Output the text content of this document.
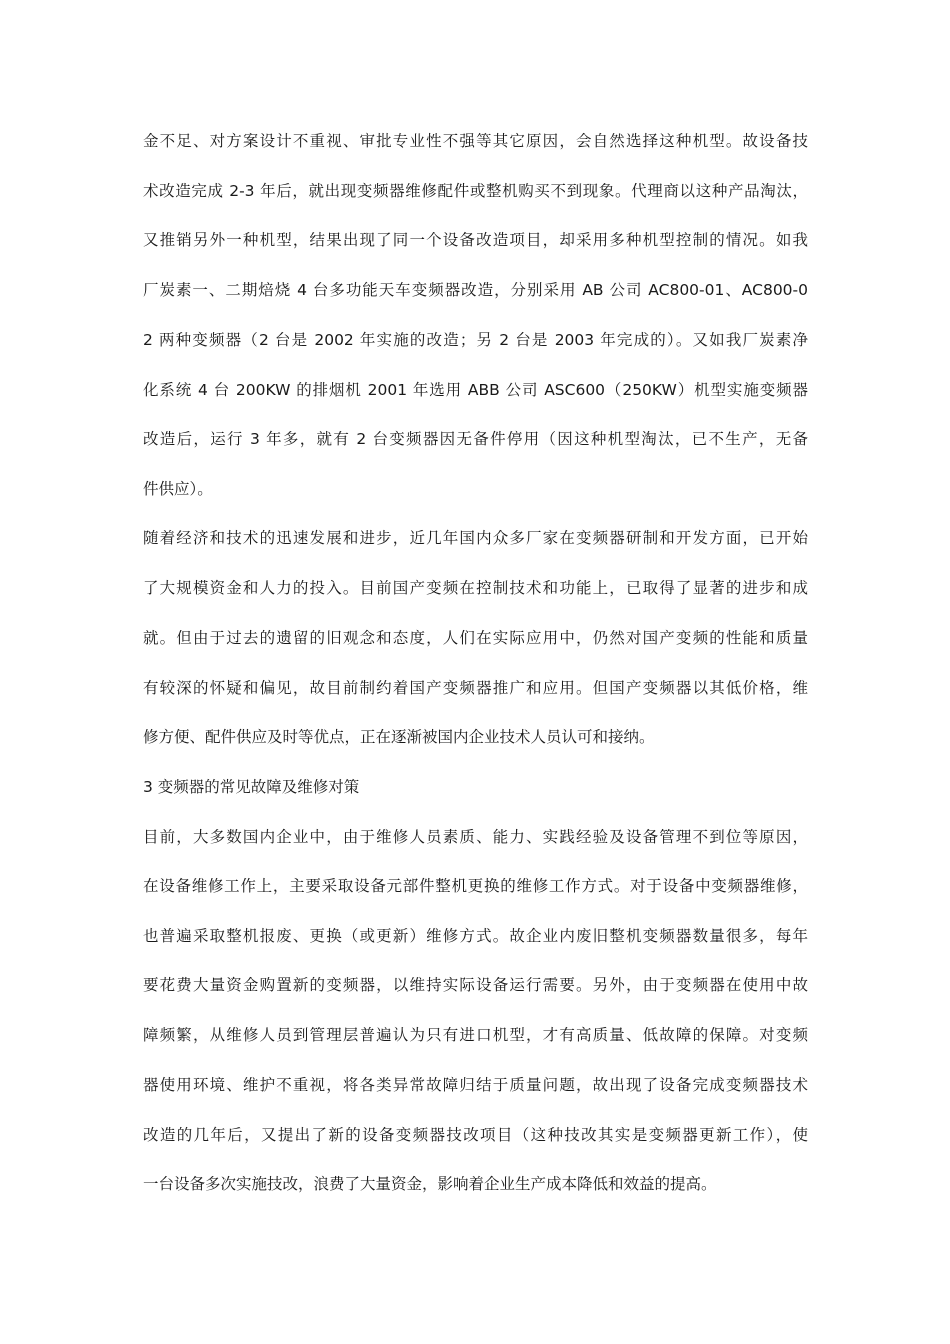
金不足、对方案设计不重视、审批专业性不强等其它原因，会自然选择这种机型。故设备技
术改造完成 2-3 年后，就出现变频器维修配件或整机购买不到现象。代理商以这种产品淘汰，
又推销另外一种机型，结果出现了同一个设备改造项目，却采用多种机型控制的情况。如我
厂炭素一、二期焙烧 4 台多功能天车变频器改造，分别采用 AB 公司 AC800-01、AC800-0
2 两种变频器（2 台是 2002 年实施的改造；另 2 台是 2003 年完成的）。又如我厂炭素净
化系统 4 台 200KW 的排烟机 2001 年选用 ABB 公司 ASC600（250KW）机型实施变频器
改造后，运行 3 年多，就有 2 台变频器因无备件停用（因这种机型淘汰，已不生产，无备
件供应）。
随着经济和技术的迅速发展和进步，近几年国内众多厂家在变频器研制和开发方面，已开始
了大规模资金和人力的投入。目前国产变频在控制技术和功能上，已取得了显著的进步和成
就。但由于过去的遗留的旧观念和态度，人们在实际应用中，仍然对国产变频的性能和质量
有较深的怀疑和偏见，故目前制约着国产变频器推广和应用。但国产变频器以其低价格，维
修方便、配件供应及时等优点，正在逐渐被国内企业技术人员认可和接纳。
3 变频器的常见故障及维修对策
目前，大多数国内企业中，由于维修人员素质、能力、实践经验及设备管理不到位等原因，
在设备维修工作上，主要采取设备元部件整机更换的维修工作方式。对于设备中变频器维修，
也普遍采取整机报废、更换（或更新）维修方式。故企业内废旧整机变频器数量很多，每年
要花费大量资金购置新的变频器，以维持实际设备运行需要。另外，由于变频器在使用中故
障频繁，从维修人员到管理层普遍认为只有进口机型，才有高质量、低故障的保障。对变频
器使用环境、维护不重视，将各类异常故障归结于质量问题，故出现了设备完成变频器技术
改造的几年后，又提出了新的设备变频器技改项目（这种技改其实是变频器更新工作），使
一台设备多次实施技改，浪费了大量资金，影响着企业生产成本降低和效益的提高。
